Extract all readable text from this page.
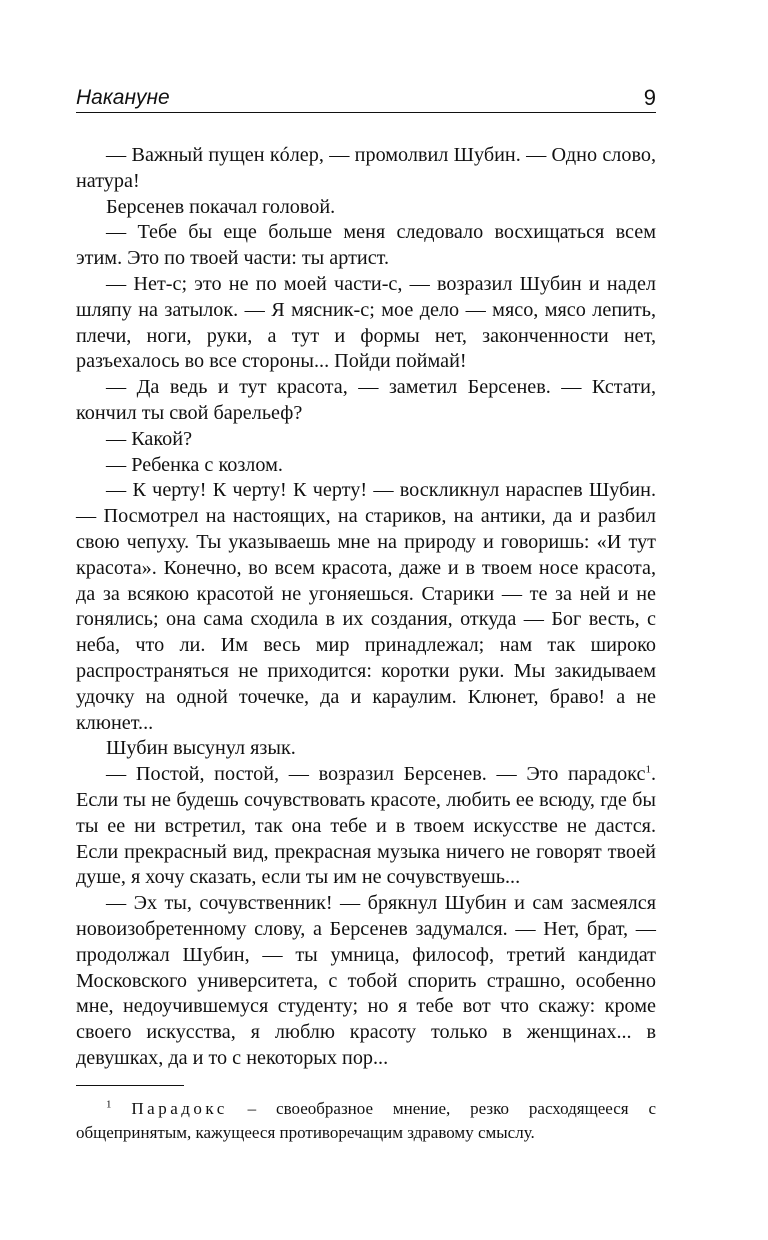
Накануне	9

— Важный пущен кóлер, — промолвил Шубин. — Одно слово, натура!

Берсенев покачал головой.

— Тебе бы еще больше меня следовало восхищаться всем этим. Это по твоей части: ты артист.

— Нет-с; это не по моей части-с, — возразил Шубин и надел шляпу на затылок. — Я мясник-с; мое дело — мясо, мясо лепить, плечи, ноги, руки, а тут и формы нет, законченности нет, разъехалось во все стороны... Пойди поймай!

— Да ведь и тут красота, — заметил Берсенев. — Кстати, кончил ты свой барельеф?

— Какой?

— Ребенка с козлом.

— К черту! К черту! К черту! — воскликнул нараспев Шубин. — Посмотрел на настоящих, на стариков, на антики, да и разбил свою чепуху. Ты указываешь мне на природу и говоришь: «И тут красота». Конечно, во всем красота, даже и в твоем носе красота, да за всякою красотой не угоняешься. Старики — те за ней и не гонялись; она сама сходила в их создания, откуда — Бог весть, с неба, что ли. Им весь мир принадлежал; нам так широко распространяться не приходится: коротки руки. Мы закидываем удочку на одной точечке, да и караулим. Клюнет, браво! а не клюнет...

Шубин высунул язык.

— Постой, постой, — возразил Берсенев. — Это парадокс$^1$. Если ты не будешь сочувствовать красоте, любить ее всюду, где бы ты ее ни встретил, так она тебе и в твоем искусстве не дастся. Если прекрасный вид, прекрасная музыка ничего не говорят твоей душе, я хочу сказать, если ты им не сочувствуешь...

— Эх ты, сочувственник! — брякнул Шубин и сам засмеялся новоизобретенному слову, а Берсенев задумался. — Нет, брат, — продолжал Шубин, — ты умница, философ, третий кандидат Московского университета, с тобой спорить страшно, особенно мне, недоучившемуся студенту; но я тебе вот что скажу: кроме своего искусства, я люблю красоту только в женщинах... в девушках, да и то с некоторых пор...

$^1$ Парадокс – своеобразное мнение, резко расходящееся с общепринятым, кажущееся противоречащим здравому смыслу.
